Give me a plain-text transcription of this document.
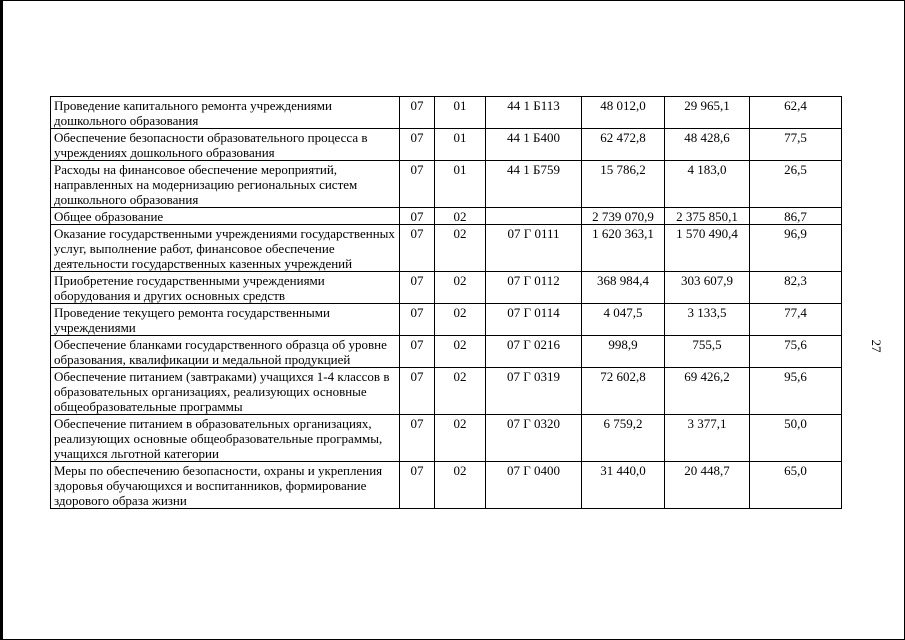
Проведение капитального ремонта учреждениями дошкольного образования	07	01	44 1 Б113	48 012,0	29 965,1	62,4
Обеспечение безопасности образовательного процесса в учреждениях дошкольного образования	07	01	44 1 Б400	62 472,8	48 428,6	77,5
Расходы на финансовое обеспечение мероприятий, направленных на модернизацию региональных систем дошкольного образования	07	01	44 1 Б759	15 786,2	4 183,0	26,5
Общее образование	07	02		2 739 070,9	2 375 850,1	86,7
Оказание государственными учреждениями государственных услуг, выполнение работ, финансовое обеспечение деятельности государственных казенных учреждений	07	02	07 Г 0111	1 620 363,1	1 570 490,4	96,9
Приобретение государственными учреждениями оборудования и других основных средств	07	02	07 Г 0112	368 984,4	303 607,9	82,3
Проведение текущего ремонта государственными учреждениями	07	02	07 Г 0114	4 047,5	3 133,5	77,4
Обеспечение бланками государственного образца об уровне образования, квалификации и медальной продукцией	07	02	07 Г 0216	998,9	755,5	75,6
Обеспечение питанием (завтраками) учащихся 1-4 классов в образовательных организациях, реализующих основные общеобразовательные программы	07	02	07 Г 0319	72 602,8	69 426,2	95,6
Обеспечение питанием в образовательных организациях, реализующих основные общеобразовательные программы, учащихся льготной категории	07	02	07 Г 0320	6 759,2	3 377,1	50,0
Меры по обеспечению безопасности, охраны и укрепления здоровья обучающихся и воспитанников, формирование здорового образа жизни	07	02	07 Г 0400	31 440,0	20 448,7	65,0
27
